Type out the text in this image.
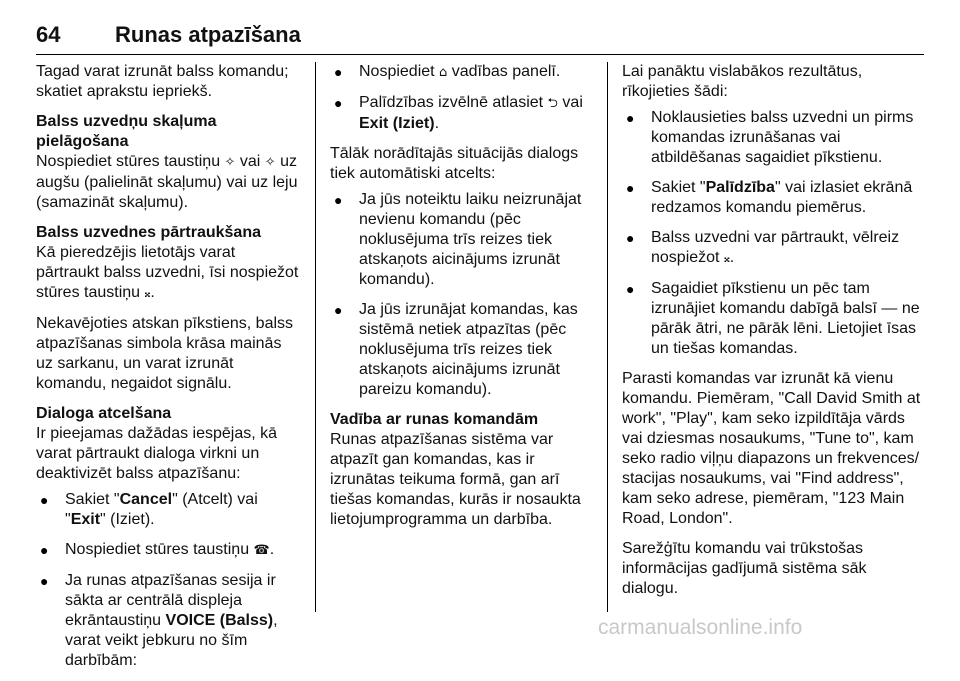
64 Runas atpazīšana

Tagad varat izrunāt balss komandu; skatiet aprakstu iepriekš.

Balss uzvedņu skaļuma pielāgošana

Nospiediet stūres taustiņu ✧ vai ✧ uz augšu (palielināt skaļumu) vai uz leju (samazināt skaļumu).

Balss uzvednes pārtraukšana

Kā pieredzējis lietotājs varat pārtraukt balss uzvedni, īsi nospiežot stūres taustiņu 𝄪.

Nekavējoties atskan pīkstiens, balss atpazīšanas simbola krāsa mainās uz sarkanu, un varat izrunāt komandu, negaidot signālu.

Dialoga atcelšana

Ir pieejamas dažādas iespējas, kā varat pārtraukt dialoga virkni un deaktivizēt balss atpazīšanu:

● Sakiet "Cancel" (Atcelt) vai "Exit" (Iziet).
● Nospiediet stūres taustiņu ☎.
● Ja runas atpazīšanas sesija ir sākta ar centrālā displeja ekrāntaustiņu VOICE (Balss), varat veikt jebkuru no šīm darbībām:
● Nospiediet ⌂ vadības panelī.
● Palīdzības izvēlnē atlasiet ⮌ vai Exit (Iziet).

Tālāk norādītajās situācijās dialogs tiek automātiski atcelts:

● Ja jūs noteiktu laiku neizrunājat nevienu komandu (pēc noklusējuma trīs reizes tiek atskaņots aicinājums izrunāt komandu).
● Ja jūs izrunājat komandas, kas sistēmā netiek atpazītas (pēc noklusējuma trīs reizes tiek atskaņots aicinājums izrunāt pareizu komandu).
Vadība ar runas komandām

Runas atpazīšanas sistēma var atpazīt gan komandas, kas ir izrunātas teikuma formā, gan arī tiešas komandas, kurās ir nosaukta lietojumprogramma un darbība.

Lai panāktu vislabākos rezultātus, rīkojieties šādi:

● Noklausieties balss uzvedni un pirms komandas izrunāšanas vai atbildēšanas sagaidiet pīkstienu.
● Sakiet "Palīdzība" vai izlasiet ekrānā redzamos komandu piemērus.
● Balss uzvedni var pārtraukt, vēlreiz nospiežot 𝄪.
● Sagaidiet pīkstienu un pēc tam izrunājiet komandu dabīgā balsī — ne pārāk ātri, ne pārāk lēni. Lietojiet īsas un tiešas komandas.

Parasti komandas var izrunāt kā vienu komandu. Piemēram, "Call David Smith at work", "Play", kam seko izpildītāja vārds vai dziesmas nosaukums, "Tune to", kam seko radio viļņu diapazons un frekvences/ stacijas nosaukums, vai "Find address", kam seko adrese, piemēram, "123 Main Road, London".

Sarežģītu komandu vai trūkstošas informācijas gadījumā sistēma sāk dialogu.

carmanualsonline.info
